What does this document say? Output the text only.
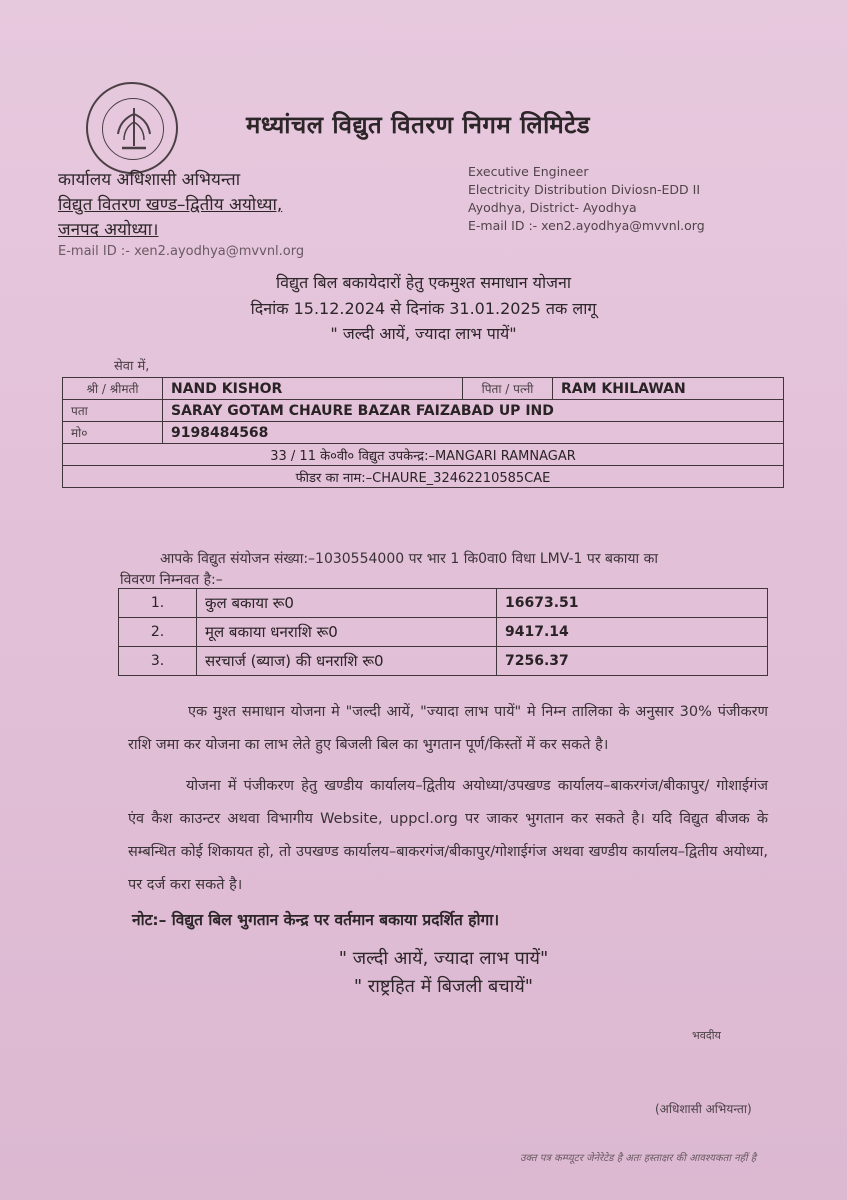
मध्यांचल विद्युत वितरण निगम लिमिटेड
कार्यालय अधिशासी अभियन्ता
विद्युत वितरण खण्ड–द्वितीय अयोध्या,
जनपद अयोध्या।
E-mail ID :- xen2.ayodhya@mvvnl.org
Executive Engineer
Electricity Distribution Diviosn-EDD II
Ayodhya, District- Ayodhya
E-mail ID :- xen2.ayodhya@mvvnl.org
विद्युत बिल बकायेदारों हेतु एकमुश्त समाधान योजना
दिनांक 15.12.2024 से दिनांक 31.01.2025 तक लागू
" जल्दी आयें, ज्यादा लाभ पायें"
सेवा में,
श्री / श्रीमती	NAND KISHOR	पिता / पत्नी	RAM KHILAWAN
पता	SARAY GOTAM CHAURE BAZAR FAIZABAD UP IND		
मो०	9198484568		
33 / 11 के०वी० विद्युत उपकेन्द्र:–MANGARI RAMNAGAR			
फीडर का नाम:–CHAURE_32462210585CAE			
आपके विद्युत संयोजन संख्या:–1030554000 पर भार 1 कि0वा0 विधा LMV-1 पर बकाया का
विवरण निम्नवत है:–
1.	कुल बकाया रू0	16673.51
2.	मूल बकाया धनराशि रू0	9417.14
3.	सरचार्ज (ब्याज) की धनराशि रू0	7256.37
एक मुश्त समाधान योजना मे "जल्दी आयें, "ज्यादा लाभ पायें" मे निम्न तालिका के अनुसार 30% पंजीकरण राशि जमा कर योजना का लाभ लेते हुए बिजली बिल का भुगतान पूर्ण/किस्तों में कर सकते है।
योजना में पंजीकरण हेतु खण्डीय कार्यालय–द्वितीय अयोध्या/उपखण्ड कार्यालय–बाकरगंज/बीकापुर/ गोशाईगंज एंव कैश काउन्टर अथवा विभागीय Website, uppcl.org पर जाकर भुगतान कर सकते है। यदि विद्युत बीजक के सम्बन्धित कोई शिकायत हो, तो उपखण्ड कार्यालय–बाकरगंज/बीकापुर/गोशाईगंज अथवा खण्डीय कार्यालय–द्वितीय अयोध्या, पर दर्ज करा सकते है।
नोट:– विद्युत बिल भुगतान केन्द्र पर वर्तमान बकाया प्रदर्शित होगा।
" जल्दी आयें, ज्यादा लाभ पायें"
" राष्ट्रहित में बिजली बचायें"
भवदीय
(अधिशासी अभियन्ता)
उक्त पत्र कम्प्यूटर जेनेरेटेड है अतः हस्ताक्षर की आवश्यकता नहीं है
